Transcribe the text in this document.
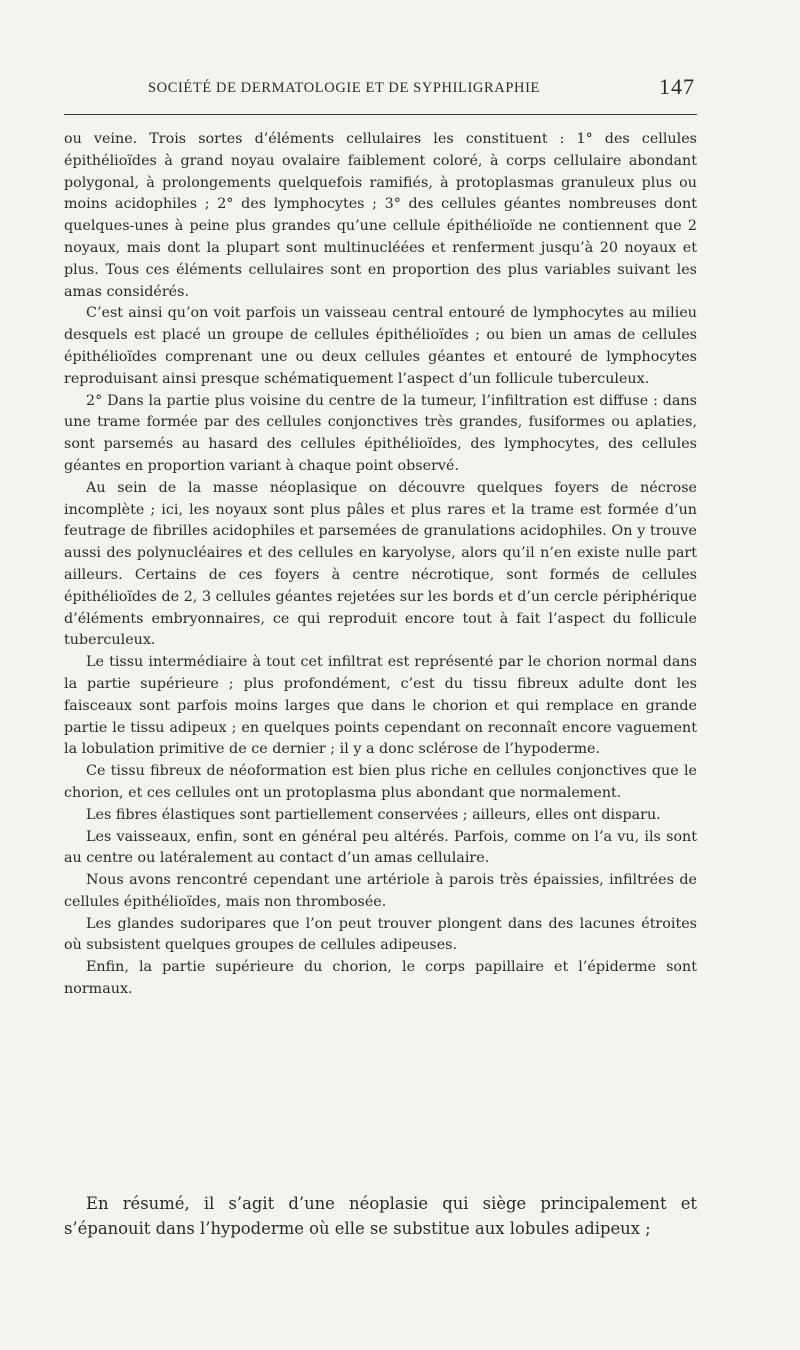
SOCIÉTÉ DE DERMATOLOGIE ET DE SYPHILIGRAPHIE	147

ou veine. Trois sortes d’éléments cellulaires les constituent : 1° des cellules épithélioïdes à grand noyau ovalaire faiblement coloré, à corps cellulaire abondant polygonal, à prolongements quelquefois ramifiés, à protoplasmas granuleux plus ou moins acidophiles ; 2° des lymphocytes ; 3° des cellules géantes nombreuses dont quelques-unes à peine plus grandes qu’une cellule épithélioïde ne contiennent que 2 noyaux, mais dont la plupart sont multinucléées et renferment jusqu’à 20 noyaux et plus. Tous ces éléments cellulaires sont en proportion des plus variables suivant les amas considérés.

C’est ainsi qu’on voit parfois un vaisseau central entouré de lymphocytes au milieu desquels est placé un groupe de cellules épithélioïdes ; ou bien un amas de cellules épithélioïdes comprenant une ou deux cellules géantes et entouré de lymphocytes reproduisant ainsi presque schématiquement l’aspect d’un follicule tuberculeux.

2° Dans la partie plus voisine du centre de la tumeur, l’infiltration est diffuse : dans une trame formée par des cellules conjonctives très grandes, fusiformes ou aplaties, sont parsemés au hasard des cellules épithélioïdes, des lymphocytes, des cellules géantes en proportion variant à chaque point observé.

Au sein de la masse néoplasique on découvre quelques foyers de nécrose incomplète ; ici, les noyaux sont plus pâles et plus rares et la trame est formée d’un feutrage de fibrilles acidophiles et parsemées de granulations acidophiles. On y trouve aussi des polynucléaires et des cellules en karyolyse, alors qu’il n’en existe nulle part ailleurs. Certains de ces foyers à centre nécrotique, sont formés de cellules épithélioïdes de 2, 3 cellules géantes rejetées sur les bords et d’un cercle périphérique d’éléments embryonnaires, ce qui reproduit encore tout à fait l’aspect du follicule tuberculeux.

Le tissu intermédiaire à tout cet infiltrat est représenté par le chorion normal dans la partie supérieure ; plus profondément, c’est du tissu fibreux adulte dont les faisceaux sont parfois moins larges que dans le chorion et qui remplace en grande partie le tissu adipeux ; en quelques points cependant on reconnaît encore vaguement la lobulation primitive de ce dernier ; il y a donc sclérose de l’hypoderme.

Ce tissu fibreux de néoformation est bien plus riche en cellules conjonctives que le chorion, et ces cellules ont un protoplasma plus abondant que normalement.

Les fibres élastiques sont partiellement conservées ; ailleurs, elles ont disparu.

Les vaisseaux, enfin, sont en général peu altérés. Parfois, comme on l’a vu, ils sont au centre ou latéralement au contact d’un amas cellulaire.

Nous avons rencontré cependant une artériole à parois très épaissies, infiltrées de cellules épithélioïdes, mais non thrombosée.

Les glandes sudoripares que l’on peut trouver plongent dans des lacunes étroites où subsistent quelques groupes de cellules adipeuses.

Enfin, la partie supérieure du chorion, le corps papillaire et l’épiderme sont normaux.

En résumé, il s’agit d’une néoplasie qui siège principalement et s’épanouit dans l’hypoderme où elle se substitue aux lobules adipeux ;
